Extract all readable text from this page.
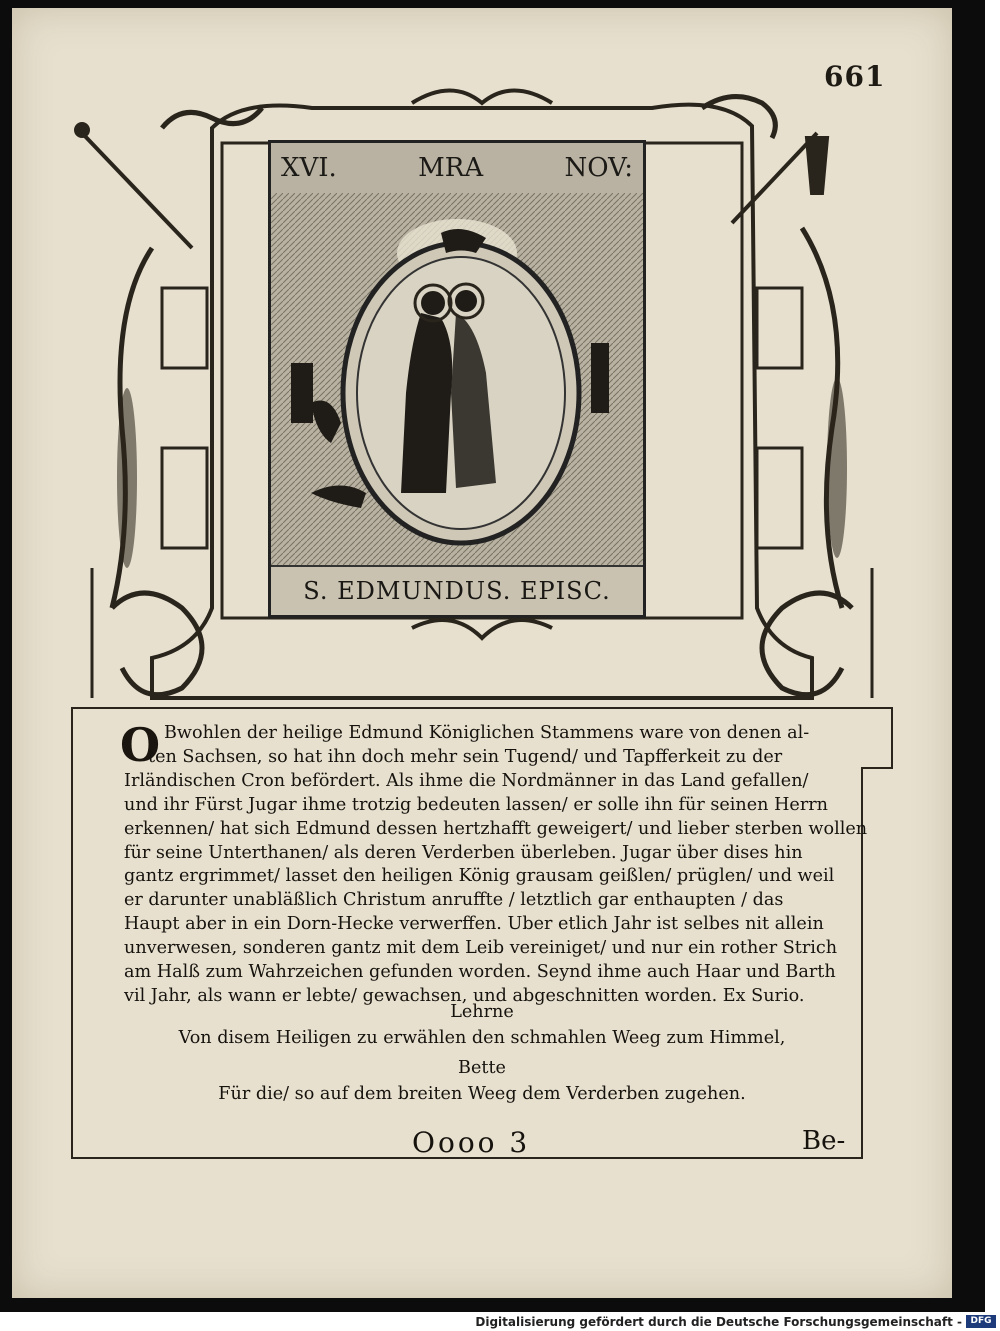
661
XVI.	MRA	NOV:
S. EDMUNDUS. EPISC.
O Bwohlen der heilige Edmund Königlichen Stammens ware von denen al-
ten Sachsen, so hat ihn doch mehr sein Tugend/ und Tapfferkeit zu der
Irländischen Cron befördert. Als ihme die Nordmänner in das Land gefallen/
und ihr Fürst Jugar ihme trotzig bedeuten lassen/ er solle ihn für seinen Herrn
erkennen/ hat sich Edmund dessen hertzhafft geweigert/ und lieber sterben wollen
für seine Unterthanen/ als deren Verderben überleben. Jugar über dises hin
gantz ergrimmet/ lasset den heiligen König grausam geißlen/ prüglen/ und weil
er darunter unabläßlich Christum anruffte / letztlich gar enthaupten / das
Haupt aber in ein Dorn-Hecke verwerffen. Uber etlich Jahr ist selbes nit allein
unverwesen, sonderen gantz mit dem Leib vereiniget/ und nur ein rother Strich
am Halß zum Wahrzeichen gefunden worden. Seynd ihme auch Haar und Barth
vil Jahr, als wann er lebte/ gewachsen, und abgeschnitten worden. Ex Surio.
Lehrne
Von disem Heiligen zu erwählen den schmahlen Weeg zum Himmel,
Bette
Für die/ so auf dem breiten Weeg dem Verderben zugehen.
Oooo 3	Be-
Digitalisierung gefördert durch die Deutsche Forschungsgemeinschaft - DFG
